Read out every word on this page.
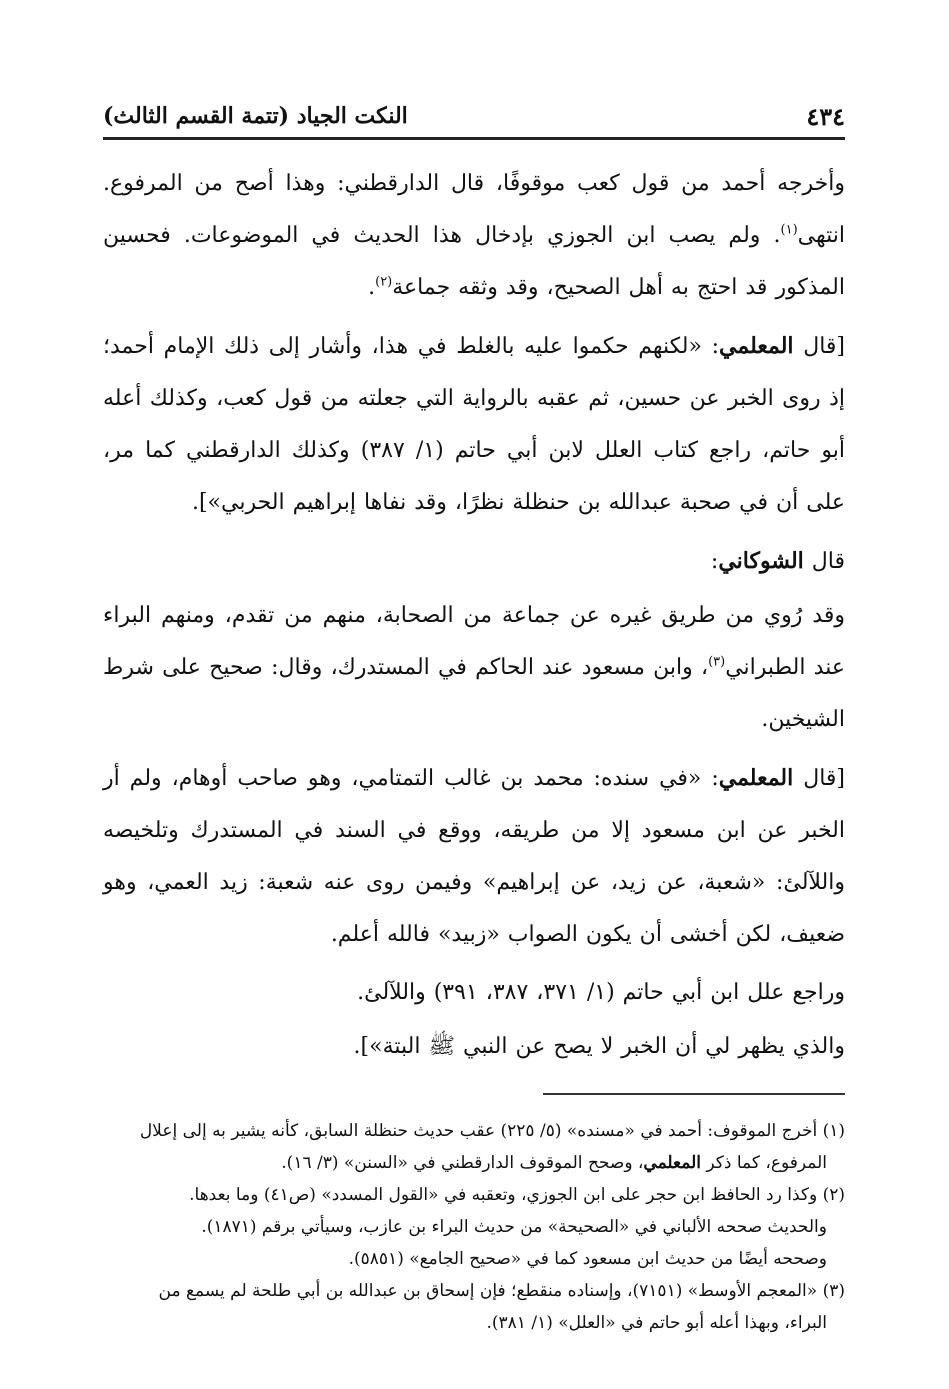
٤٣٤
النكت الجياد (تتمة القسم الثالث)

وأخرجه أحمد من قول كعب موقوفًا، قال الدارقطني: وهذا أصح من المرفوع. انتهى$^{(١)}$. ولم يصب ابن الجوزي بإدخال هذا الحديث في الموضوعات. فحسين المذكور قد احتج به أهل الصحيح، وقد وثقه جماعة$^{(٢)}$.

[قال المعلمي: «لكنهم حكموا عليه بالغلط في هذا، وأشار إلى ذلك الإمام أحمد؛ إذ روى الخبر عن حسين، ثم عقبه بالرواية التي جعلته من قول كعب، وكذلك أعله أبو حاتم، راجع كتاب العلل لابن أبي حاتم (١/ ٣٨٧) وكذلك الدارقطني كما مر، على أن في صحبة عبدالله بن حنظلة نظرًا، وقد نفاها إبراهيم الحربي»].

قال الشوكاني:

وقد رُوي من طريق غيره عن جماعة من الصحابة، منهم من تقدم، ومنهم البراء عند الطبراني$^{(٣)}$، وابن مسعود عند الحاكم في المستدرك، وقال: صحيح على شرط الشيخين.

[قال المعلمي: «في سنده: محمد بن غالب التمتامي، وهو صاحب أوهام، ولم أر الخبر عن ابن مسعود إلا من طريقه، ووقع في السند في المستدرك وتلخيصه واللآلئ: «شعبة، عن زيد، عن إبراهيم» وفيمن روى عنه شعبة: زيد العمي، وهو ضعيف، لكن أخشى أن يكون الصواب «زبيد» فالله أعلم.

وراجع علل ابن أبي حاتم (١/ ٣٧١، ٣٨٧، ٣٩١) واللآلئ.

والذي يظهر لي أن الخبر لا يصح عن النبي ﷺ البتة»].

(١) أخرج الموقوف: أحمد في «مسنده» (٥/ ٢٢٥) عقب حديث حنظلة السابق، كأنه يشير به إلى إعلال

المرفوع، كما ذكر المعلمي، وصحح الموقوف الدارقطني في «السنن» (٣/ ١٦).

(٢) وكذا رد الحافظ ابن حجر على ابن الجوزي، وتعقبه في «القول المسدد» (ص٤١) وما بعدها.

والحديث صححه الألباني في «الصحيحة» من حديث البراء بن عازب، وسيأتي برقم (١٨٧١).

وصححه أيضًا من حديث ابن مسعود كما في «صحيح الجامع» (٥٨٥١).

(٣) «المعجم الأوسط» (٧١٥١)، وإسناده منقطع؛ فإن إسحاق بن عبدالله بن أبي طلحة لم يسمع من

البراء، وبهذا أعله أبو حاتم في «العلل» (١/ ٣٨١).
